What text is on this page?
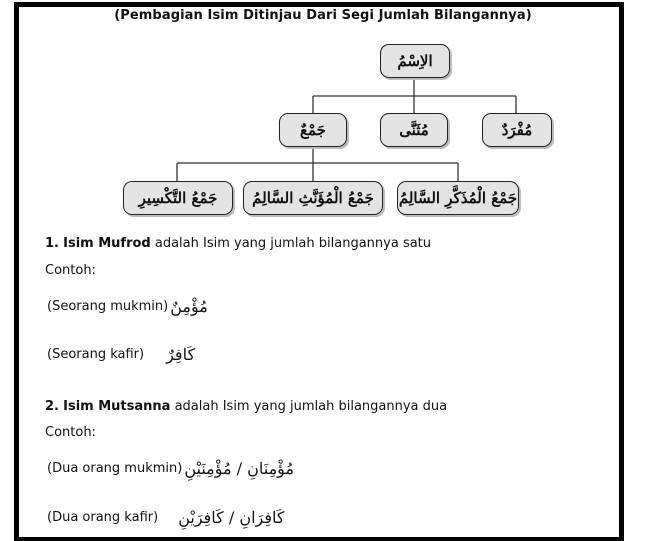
(Pembagian Isim Ditinjau Dari Segi Jumlah Bilangannya)
الاِسْمُ
جَمْعٌ	مُثَنَّى	مُفْرَدٌ
جَمْعُ التَّكْسِيرِ	جَمْعُ الْمُؤَنَّثِ السَّالِمُ	جَمْعُ الْمُذَكَّرِ السَّالِمُ
1. Isim Mufrod adalah Isim yang jumlah bilangannya satu
Contoh:
(Seorang mukmin) مُؤْمِنٌ
(Seorang kafir) كَافِرٌ
2. Isim Mutsanna adalah Isim yang jumlah bilangannya dua
Contoh:
(Dua orang mukmin) مُؤْمِنَانِ / مُؤْمِنَيْنِ
(Dua orang kafir) كَافِرَانِ / كَافِرَيْنِ
